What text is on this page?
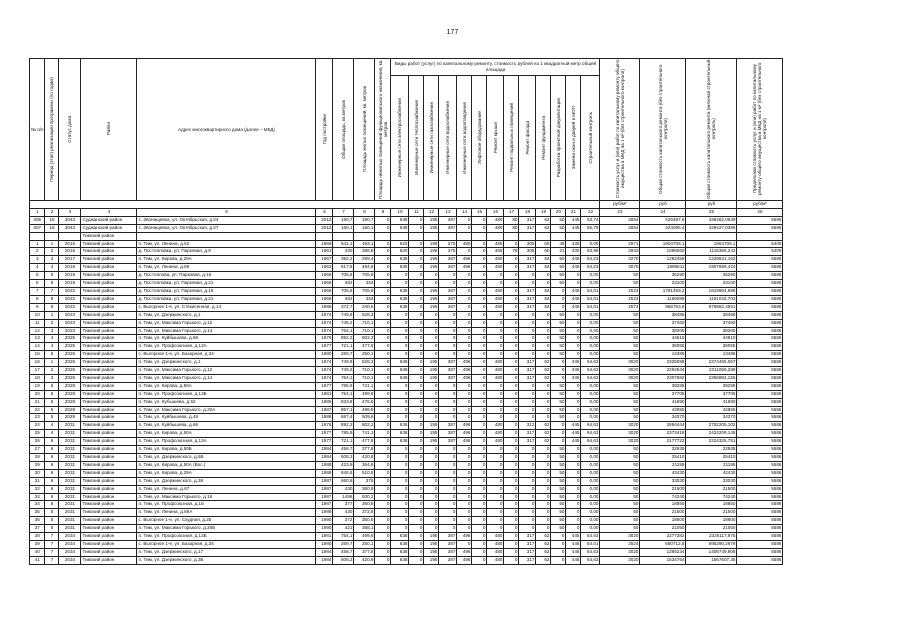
177
№ п/п	Период (этап) реализации программы (по годам)	Статус дома	Район	Адрес многоквартирного дома (далее – МКД)	Год постройки	Общая площадь, кв.метров	Площадь жилых помещений, кв. метров	Площадь нежилых помещений функционального назначения, кв. метров	Виды работ (услуг) по капитальному ремонту, стоимость рублей на 1 квадратный метр общей площади													Стоимость услуг и (или) работ по капитальному ремонту общего имущества в МКД на 1 м² (без строительного контроля)	Общая стоимость капитального ремонта (без строительного контроля)	Общая стоимость капитального ремонта (включая строительный контроль)	Предельная стоимость услуг и (или) работ по капитальному ремонту общего имущества в МКД на 1 м² (без строительного контроля)
									Инженерные сети электроснабжения	Инженерные сети теплоснабжения	Инженерные сети газоснабжения	Инженерные сети водоснабжения	Инженерные сети водоотведения	Лифтовое оборудование	Ремонт крыши	Ремонт подвальных помещений	Ремонт фасада	Ремонт фундамента	Разработка проектной документации	Замена окон и дверей в МОП	Строительный контроль				
																						руб/м²	руб	руб	руб/м²
1	2	3	4	5	6	7	8	9	10	11	12	13	14	15	16	17	18	19	20	21	22	23	24	25	26
305	15	2043	Суджанский район	с. Звонищевка, ул. Октябрьская, д.24	2012	190,7	190,7	0	638	0	195	387	0	0	480	80	317	62	50	445	53,74	2654	426487,8	436462,0639	5586
307	16	2043	Суджанский район	с. Звонищевка, ул. Октябрьская, д.27	2012	160,1	160,1	0	638	0	195	387	0	0	480	80	317	62	50	445	55,79	2654	424095,4	439427,0386	5586
			Тимский район																						
1	1	2015	Тимский район	п. Тим, ул. Ленина, д.52	1969	641,1	493,1	0	620	0	188	375	480	0	465	0	305	60	48	430	0,00	2971	1904708,1	1904708,1	5409
2	2	2016	Тимский район	д. Постояловка, ул. Парковая, д.9	1961	430	388,6	0	620	0	188	375	0	0	465	78	305	60	21	430	63,96	2942	1098060	1116358,242	5409
3	3	2017	Тимский район	п. Тим, ул. Кирова, д.29А	1967	392,2	299,4	0	638	0	195	387	496	0	480	0	317	62	50	445	64,23	3270	1282458	1229631,162	5586
4	4	2018	Тимский район	п. Тим, ул. Ленина, д.59	1963	617,8	494,8	0	636	0	195	387	496	0	480	0	317	62	50	445	64,23	3070	1896611	1907699,424	5586
5	5	2019	Тимский район	д. Постоялова, ул. Парковая, д.16	1966	705,8	705,8	0	0	0	0	0	0	0	0	0	0	0	50	0	0,00	50	35290	35290	5586
6	6	2019	Тимский район	д. Постояловка, ул. Парковая, д.21	1966	462	462	0	0	0	0	0	0	0	0	0	0	0	50	0	0,00	50	23100	23100	5586
7	7	2022	Тимский район	д. Постояловка, ул. Парковая, д.16	1966	705,8	705,8	0	638	0	195	387	0	0	480	0	317	62	0	445	54,01	2524	1781459,2	1819964,998	5586
8	8	2022	Тимский район	д. Постояловка, ул. Парковая, д.21	1966	462	462	0	638	0	195	387	0	0	480	0	317	62	0	445	54,01	2524	1166088	1191042,703	5586
9	9	2022	Тимский район	с. Выгорное 1-е, ул. Стекисенная, д.14	1988	372,7	340,6	0	638	0	195	387	0	0	480	0	317	62	0	445	54,01	2574	956753,8	976862,4551	5586
10	1	2023	Тимский район	п. Тим, ул. Дзержинского, д.1	1974	749,9	528,3	0	0	0	0	0	0	0	0	0	0	0	50	0	0,00	50	38486	38486	5586
11	2	2023	Тимский район	п. Тим, ул. Максима Горького, д.12	1974	745,2	710,1	0	0	0	0	0	0	0	0	0	0	0	50	0	0,00	50	37460	37460	5586
12	3	2023	Тимский район	п. Тим, ул. Максима Горького, д.14	1974	764,1	710,1	0	0	0	0	0	0	0	0	0	0	0	50	0	0,00	50	38205	38205	5586
13	4	2025	Тимский район	п. Тим, ул. Куйбышева, д.66	1976	892,2	802,2	0	0	0	0	0	0	0	0	0	0	0	50	0	0,00	50	44610	44610	5586
14	4	2025	Тимский район	п. Тим, ул. Профсоюзная, д.13А	1977	721,1	477,8	0	0	0	0	0	0	0	0	0	0	0	50	0	0,00	50	36055	36055	5586
15	5	2026	Тимский район	с. Выгорное 1-е, ул. Базарная, д.34	1980	269,7	250,1	0	0	0	0	0	0	0	0	0	0	0	50	0	0,00	50	13485	13485	5586
16	1	2026	Тимский район	п. Тим, ул. Дзержинского, д.1	1974	749,9	528,3	0	638	0	195	387	496	0	480	0	317	62	0	445	64,63	3020	2325098	2374465,067	5586
17	2	2026	Тимский район	п. Тим, ул. Максима Горького, д.12	1974	749,2	710,1	0	638	0	195	387	496	0	480	0	317	62	0	445	64,63	3020	2262544	2311059,288	5586
18	3	2026	Тимский район	п. Тим, ул. Максима Горького, д.14	1974	764,1	710,1	0	638	0	195	387	496	0	480	0	317	62	0	445	64,63	3020	2307582	2356884,155	5586
19	5	2028	Тимский район	п. Тим, ул. Кирова, д.50А	1977	785,9	741,1	0	0	0	0	0	0	0	0	0	0	0	50	0	0,00	50	39295	39295	5586
20	5	2028	Тимский район	п. Тим, ул. Профсоюзная, д.13Б	1981	754,1	499,8	0	0	0	0	0	0	0	0	0	0	0	50	0	0,00	50	37705	37705	5586
21	5	2028	Тимский район	п. Тим, ул. Кубышева, д.52	1985	833,8	476,8	0	0	0	0	0	0	0	0	0	0	0	50	0	0,00	50	41690	41690	5586
22	5	2028	Тимский район	п. Тим, ул. Максима Горького, д.20А	1987	857,1	495,9	0	0	0	0	0	0	0	0	0	0	0	50	0	0,00	50	42855	42855	5586
23	5	2029	Тимский район	п. Тим, ул. Куйбышева, д.48	1988	687,4	509,6	0	0	0	0	0	0	0	0	0	0	0	50	0	0,00	50	34370	34370	5586
24	4	2031	Тимский район	п. Тим, ул. Куйбышева, д.66	1976	892,2	802,2	0	636	0	195	387	496	0	480	0	312	62	0	445	64,63	3020	2694444	2752205,102	5586
25	4	2031	Тимский район	п. Тим, ул. Кирова, д.50А	1977	785,9	741,1	0	638	0	195	387	496	0	480	0	317	62	0	445	64,63	3020	2373418	2424209,145	5586
26	6	2031	Тимский район	п. Тим, ул. Профсоюзная, д.13А	1977	721,1	477,8	0	638	0	195	387	496	0	480	0	317	62	0	445	64,63	3020	2177722	2224325,751	5586
27	6	2031	Тимский район	п. Тим, ул. Кирова, д.50Б	1984	458,7	377,8	0	0	0	0	0	0	0	0	0	0	0	50	0	0,00	50	22935	22935	5586
28	6	2031	Тимский район	п. Тим, ул. Дзержинского, д.6Б	1984	508,2	420,8	0	0	0	0	0	0	0	0	0	0	0	50	0	0,00	50	25410	25410	5586
29	6	2031	Тимский район	п. Тим, ул. Кирова, д.50А (Вос.)	1988	423,9	364,6	0	0	0	0	0	0	0	0	0	0	0	50	0	0,00	50	21195	21195	5586
30	6	2031	Тимский район	п. Тим, ул. Кирова, д.29А	1986	846,6	510,8	0	0	0	0	0	0	0	0	0	0	0	50	0	0,00	50	43430	42430	5586
31	6	2031	Тимский район	п. Тим, ул. Дзержинского, д.38	1987	660,6	376	0	0	0	0	0	0	0	0	0	0	0	50	0	0,00	50	33030	33030	5586
32	6	2031	Тимский район	п. Тим, ул. Ленина, д.67	1987	430	360,9	0	0	0	0	0	0	0	0	0	0	0	50	0	0,00	50	21500	21500	5586
33	6	2031	Тимский район	п. Тим, ул. Максима Горького, д.16	1987	1486	930,2	0	0	0	0	0	0	0	0	0	0	0	50	0	0,00	50	74240	74240	5586
34	6	2031	Тимский район	п. Тим, ул. Профсоюзная, д.15	1987	377	360,8	0	0	0	0	0	0	0	0	0	0	0	50	0	0,00	50	18850	18850	5586
35	6	2031	Тимский район	п. Тим, ул. Ленина, д.69А	1988	430	372,8	0	0	0	0	0	0	0	0	0	0	0	50	0	0,00	50	21500	21500	5586
36	6	2031	Тимский район	с. Выгорное 1-е, ул. Скудная, д.25	1990	372	350,6	0	0	0	0	0	0	0	0	0	0	0	50	0	0,00	50	18600	18600	5586
37	6	2031	Тимский район	п. Тим, ул. Максима Горького, д.20Б	1990	421	368,1	0	0	0	0	0	0	0	0	0	0	0	50	0	0,00	50	21050	21050	5586
38	7	2034	Тимский район	п. Тим, ул. Профсоюзная, д.13Б	1981	754,1	499,8	0	638	0	195	387	496	0	480	0	317	62	0	445	64,63	3020	2277382	2326117,975	5586
39	7	2034	Тимский район	с. Выгорное 1-е, ул. Базарная, д.34	1980	269,7	250,1	0	638	0	195	387	0	0	480	0	317	62	0	445	54,01	2524	680712,8	695290,2679	5586
40	7	2034	Тимский район	п. Тим, ул. Дзержинского, д.17	1984	458,7	377,8	0	638	0	195	387	496	0	480	0	317	62	0	445	64,63	3020	1385234	1408749,908	5586
41	7	2034	Тимский район	п. Тим, ул. Дзержинского, д.3Б	1984	508,2	420,8	0	638	0	195	387	496	0	480	0	317	62	0	445	64,63	3020	1534764	1567607,35	5586
